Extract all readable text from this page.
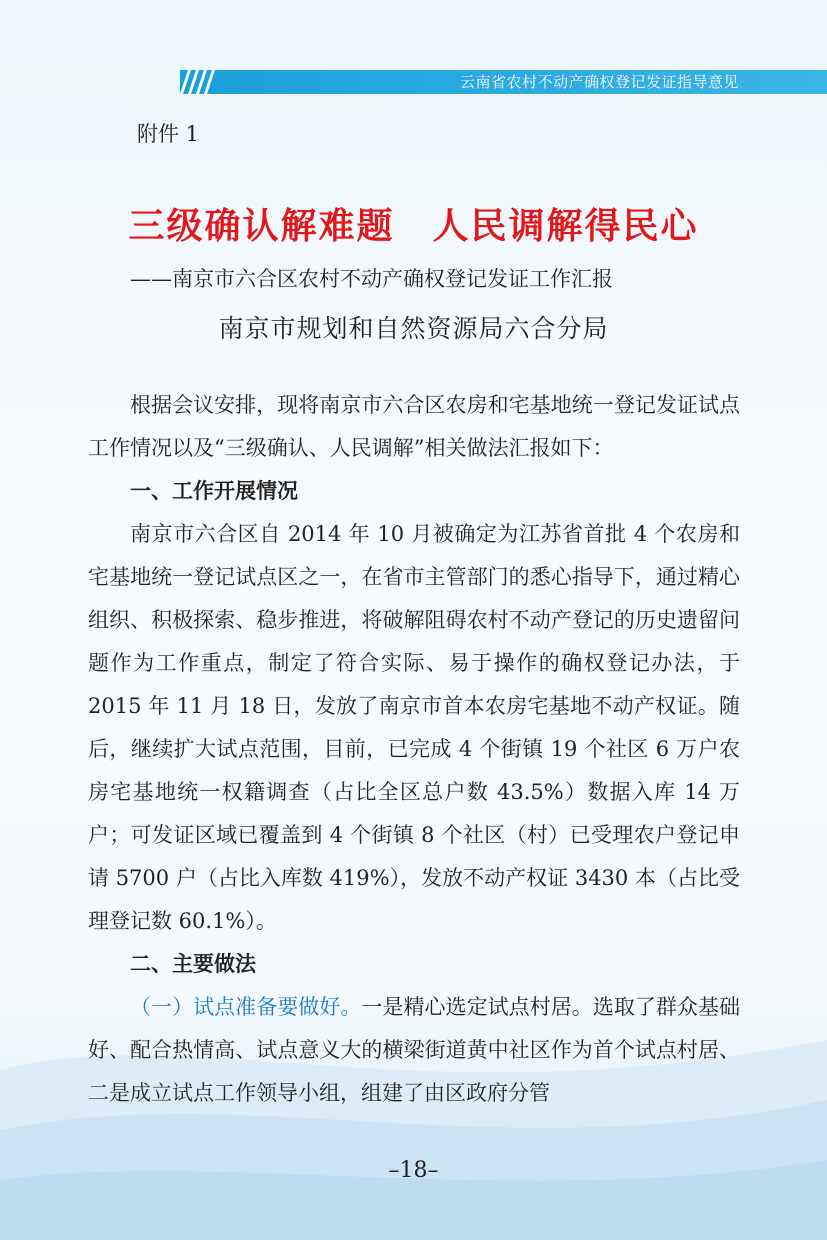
云南省农村不动产确权登记发证指导意见
附件 1
三级确认解难题　人民调解得民心
——南京市六合区农村不动产确权登记发证工作汇报
南京市规划和自然资源局六合分局

根据会议安排，现将南京市六合区农房和宅基地统一登记发证试点工作情况以及“三级确认、人民调解”相关做法汇报如下：

一、工作开展情况

南京市六合区自 2014 年 10 月被确定为江苏省首批 4 个农房和宅基地统一登记试点区之一，在省市主管部门的悉心指导下，通过精心组织、积极探索、稳步推进，将破解阻碍农村不动产登记的历史遗留问题作为工作重点，制定了符合实际、易于操作的确权登记办法，于 2015 年 11 月 18 日，发放了南京市首本农房宅基地不动产权证。随后，继续扩大试点范围，目前，已完成 4 个街镇 19 个社区 6 万户农房宅基地统一权籍调查（占比全区总户数 43.5%）数据入库 14 万户；可发证区域已覆盖到 4 个街镇 8 个社区（村）已受理农户登记申请 5700 户（占比入库数 419%），发放不动产权证 3430 本（占比受理登记数 60.1%）。

二、主要做法

（一）试点准备要做好。一是精心选定试点村居。选取了群众基础好、配合热情高、试点意义大的横梁街道黄中社区作为首个试点村居、二是成立试点工作领导小组，组建了由区政府分管

–18–
